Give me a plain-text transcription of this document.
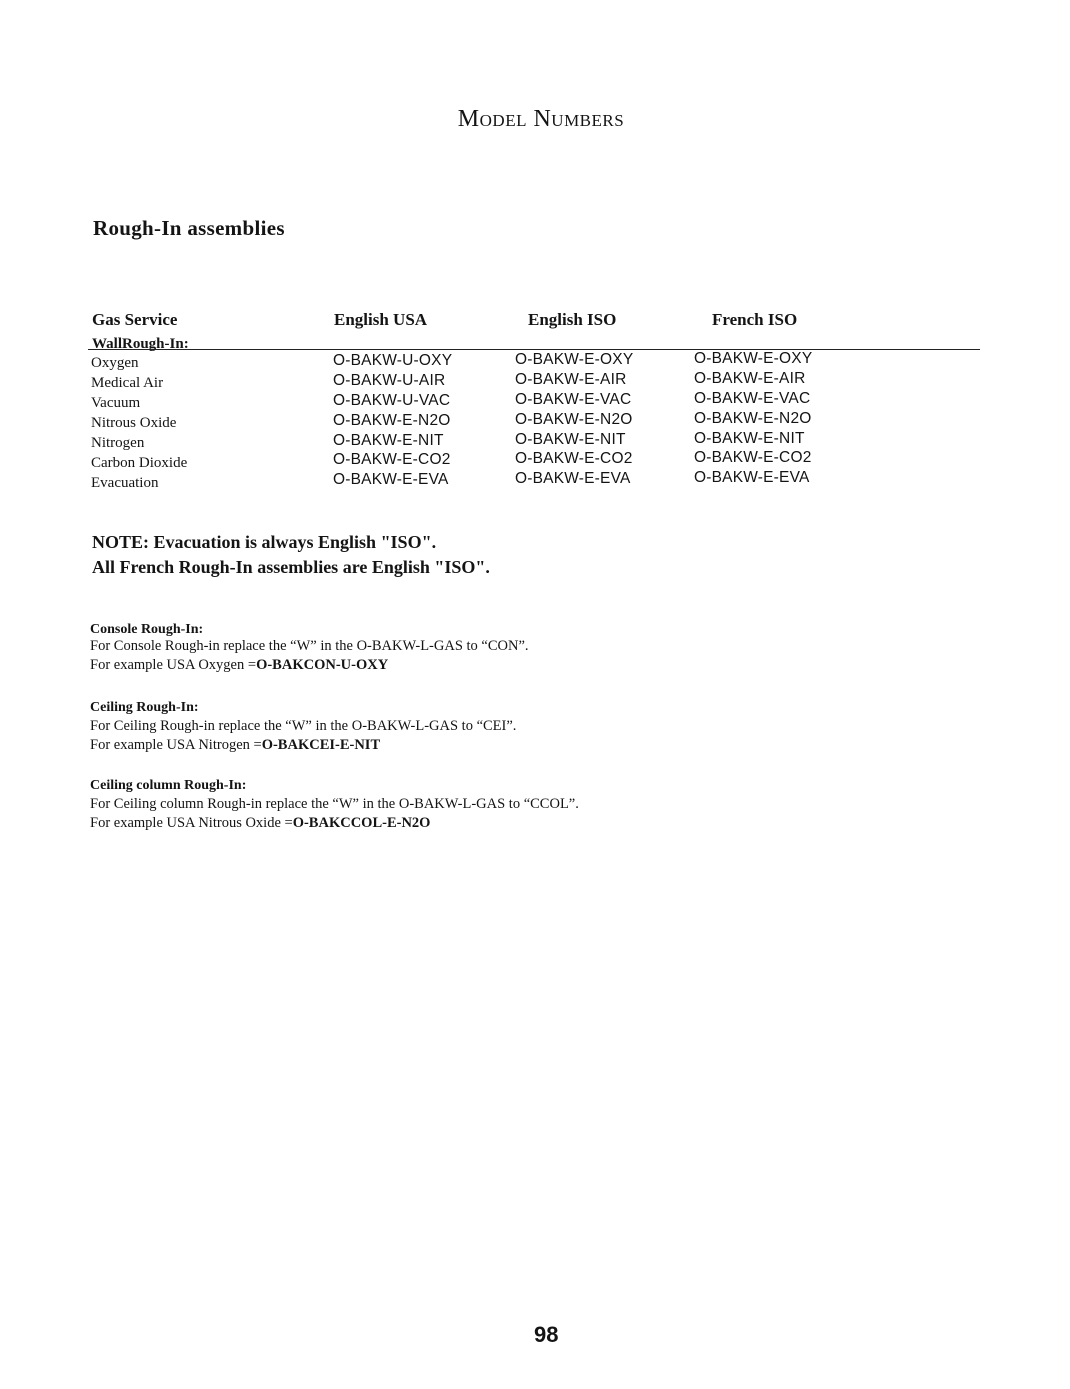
Model Numbers
Rough-In assemblies
Gas Service	English USA	English ISO	French ISO
WallRough-In:
Oxygen	O-BAKW-U-OXY	O-BAKW-E-OXY	O-BAKW-E-OXY
Medical Air	O-BAKW-U-AIR	O-BAKW-E-AIR	O-BAKW-E-AIR
Vacuum	O-BAKW-U-VAC	O-BAKW-E-VAC	O-BAKW-E-VAC
Nitrous Oxide	O-BAKW-E-N2O	O-BAKW-E-N2O	O-BAKW-E-N2O
Nitrogen	O-BAKW-E-NIT	O-BAKW-E-NIT	O-BAKW-E-NIT
Carbon Dioxide	O-BAKW-E-CO2	O-BAKW-E-CO2	O-BAKW-E-CO2
Evacuation	O-BAKW-E-EVA	O-BAKW-E-EVA	O-BAKW-E-EVA
NOTE: Evacuation is always English "ISO".
All French Rough-In assemblies are English "ISO".
Console Rough-In:
For Console Rough-in replace the “W” in the O-BAKW-L-GAS to “CON”.
For example USA Oxygen =O-BAKCON-U-OXY
Ceiling Rough-In:
For Ceiling Rough-in replace the “W” in the O-BAKW-L-GAS to “CEI”.
For example USA Nitrogen =O-BAKCEI-E-NIT
Ceiling column Rough-In:
For Ceiling column Rough-in replace the “W” in the O-BAKW-L-GAS to “CCOL”.
For example USA Nitrous Oxide =O-BAKCCOL-E-N2O
98
